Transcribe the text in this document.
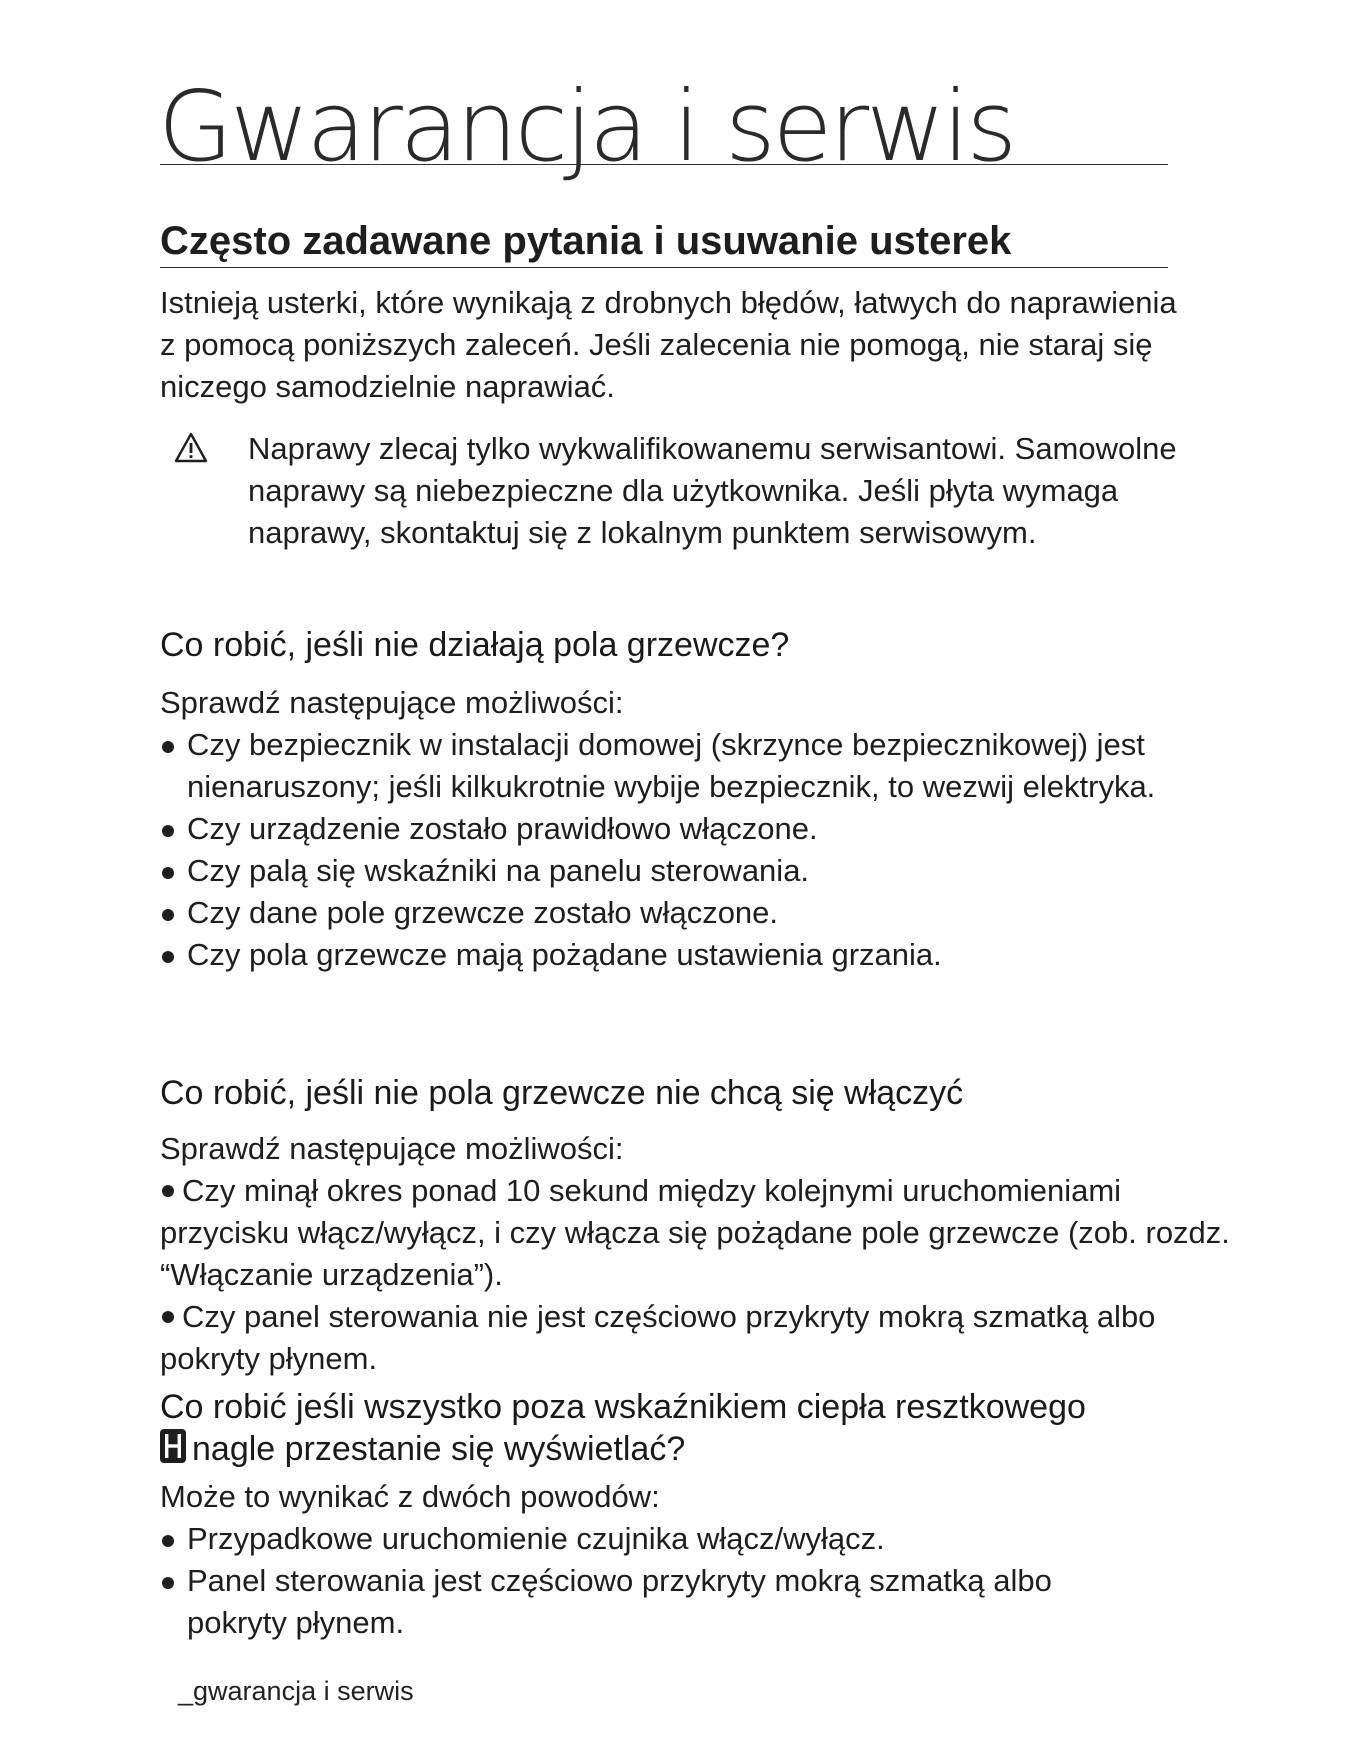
Gwarancja i serwis
Często zadawane pytania i usuwanie usterek

Istnieją usterki, które wynikają z drobnych błędów, łatwych do naprawienia z pomocą poniższych zaleceń. Jeśli zalecenia nie pomogą, nie staraj się niczego samodzielnie naprawiać.

Naprawy zlecaj tylko wykwalifikowanemu serwisantowi. Samowolne naprawy są niebezpieczne dla użytkownika. Jeśli płyta wymaga naprawy, skontaktuj się z lokalnym punktem serwisowym.

Co robić, jeśli nie działają pola grzewcze?

Sprawdź następujące możliwości:

Czy bezpiecznik w instalacji domowej (skrzynce bezpiecznikowej) jest nienaruszony; jeśli kilkukrotnie wybije bezpiecznik, to wezwij elektryka.
Czy urządzenie zostało prawidłowo włączone.
Czy palą się wskaźniki na panelu sterowania.
Czy dane pole grzewcze zostało włączone.
Czy pola grzewcze mają pożądane ustawienia grzania.
Co robić, jeśli nie pola grzewcze nie chcą się włączyć

Sprawdź następujące możliwości:

Czy minął okres ponad 10 sekund między kolejnymi uruchomieniami przycisku włącz/wyłącz, i czy włącza się pożądane pole grzewcze (zob. rozdz. “Włączanie urządzenia”).
Czy panel sterowania nie jest częściowo przykryty mokrą szmatką albo pokryty płynem.
Co robić jeśli wszystko poza wskaźnikiem ciepła resztkowego
nagle przestanie się wyświetlać?

Może to wynikać z dwóch powodów:

Przypadkowe uruchomienie czujnika włącz/wyłącz.
Panel sterowania jest częściowo przykryty mokrą szmatką albo pokryty płynem.

_gwarancja i serwis
